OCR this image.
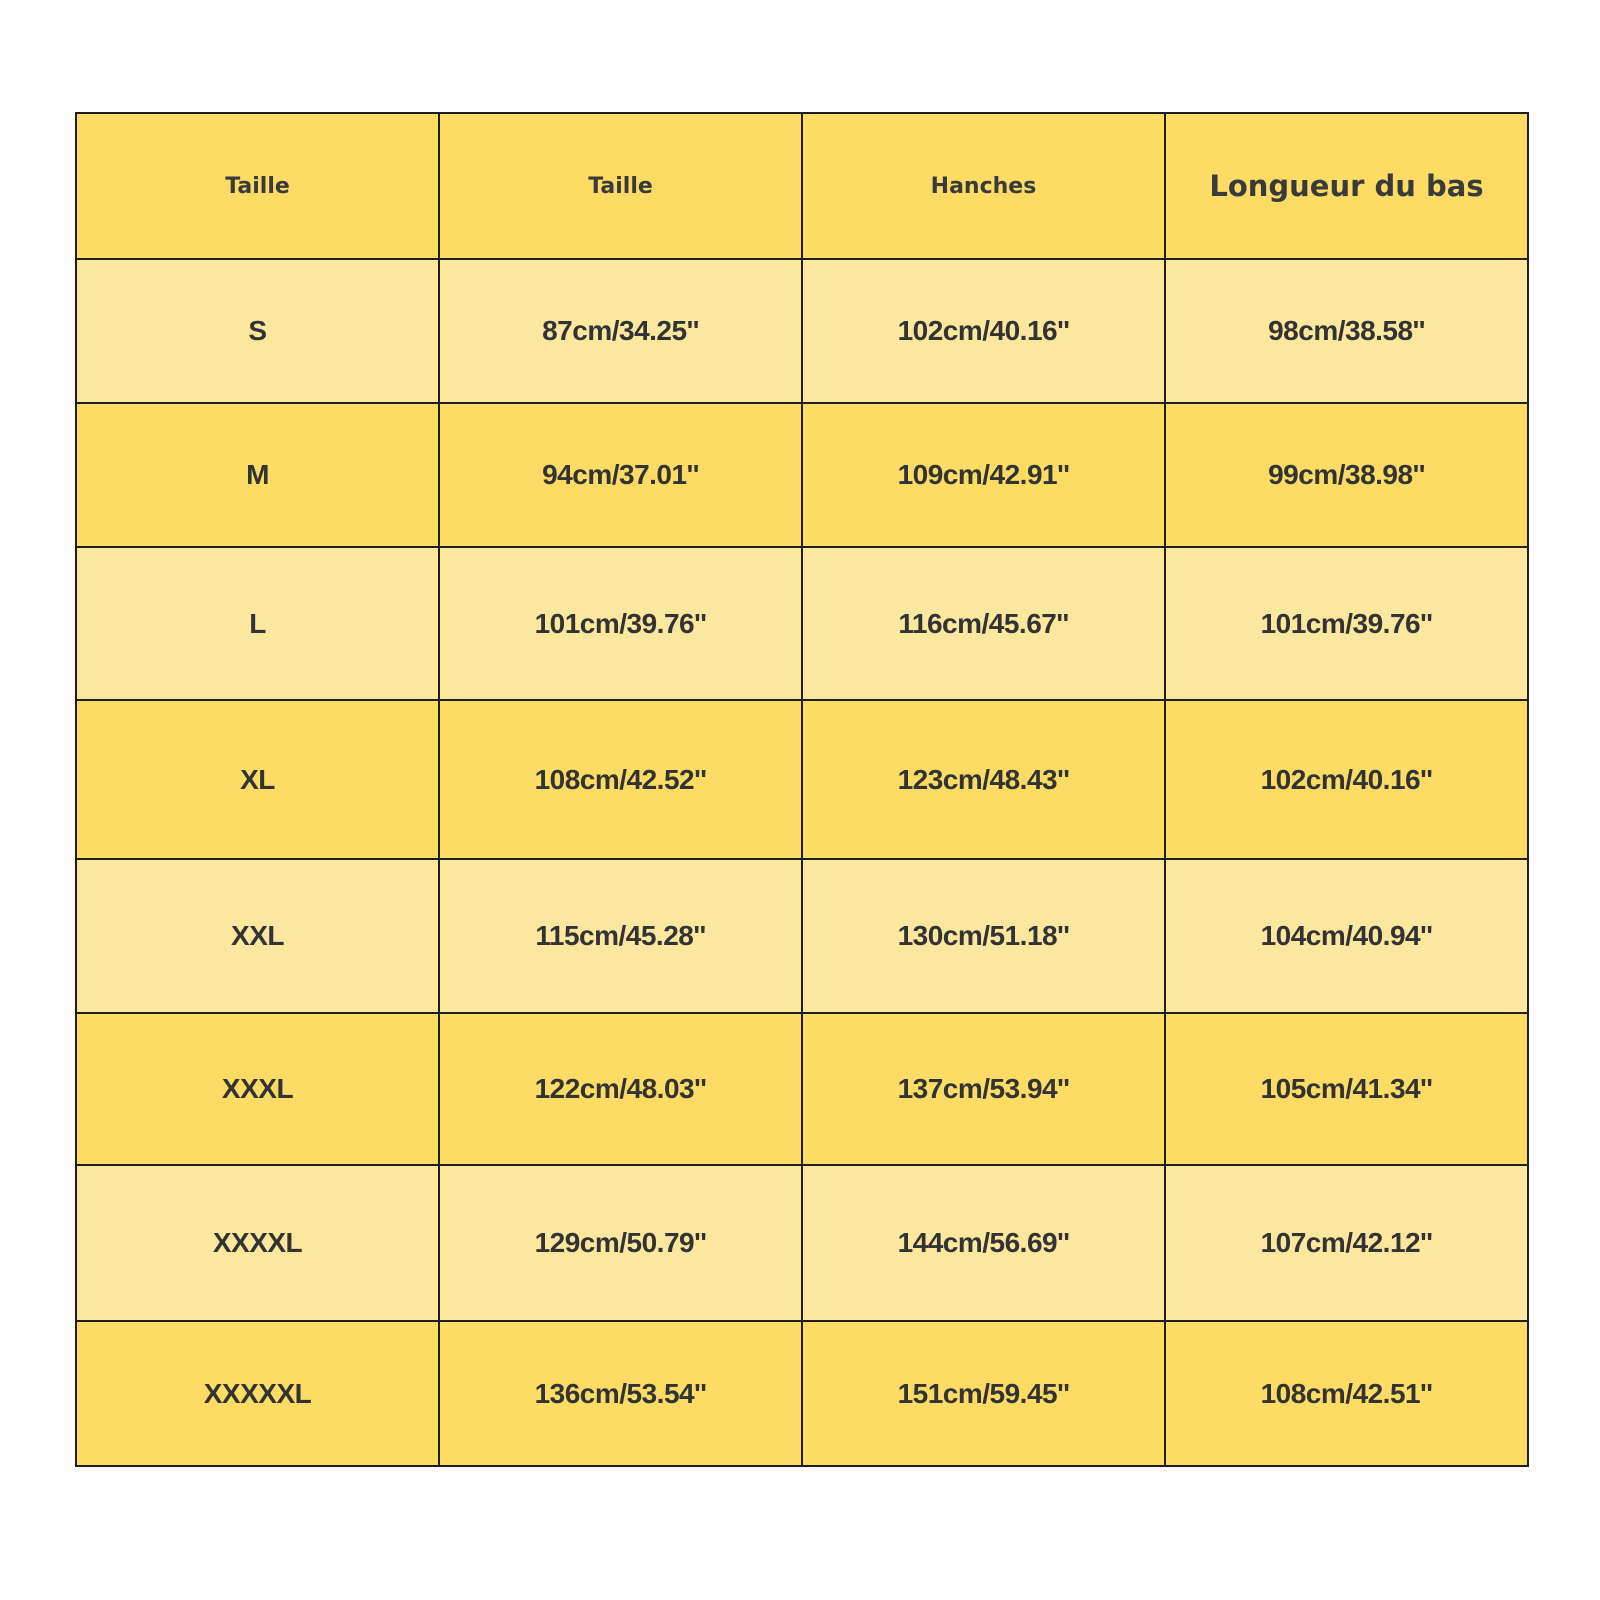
Taille	Taille	Hanches	Longueur du bas
S	87cm/34.25''	102cm/40.16''	98cm/38.58''
M	94cm/37.01''	109cm/42.91''	99cm/38.98''
L	101cm/39.76''	116cm/45.67''	101cm/39.76''
XL	108cm/42.52''	123cm/48.43''	102cm/40.16''
XXL	115cm/45.28''	130cm/51.18''	104cm/40.94''
XXXL	122cm/48.03''	137cm/53.94''	105cm/41.34''
XXXXL	129cm/50.79''	144cm/56.69''	107cm/42.12''
XXXXXL	136cm/53.54''	151cm/59.45''	108cm/42.51''
